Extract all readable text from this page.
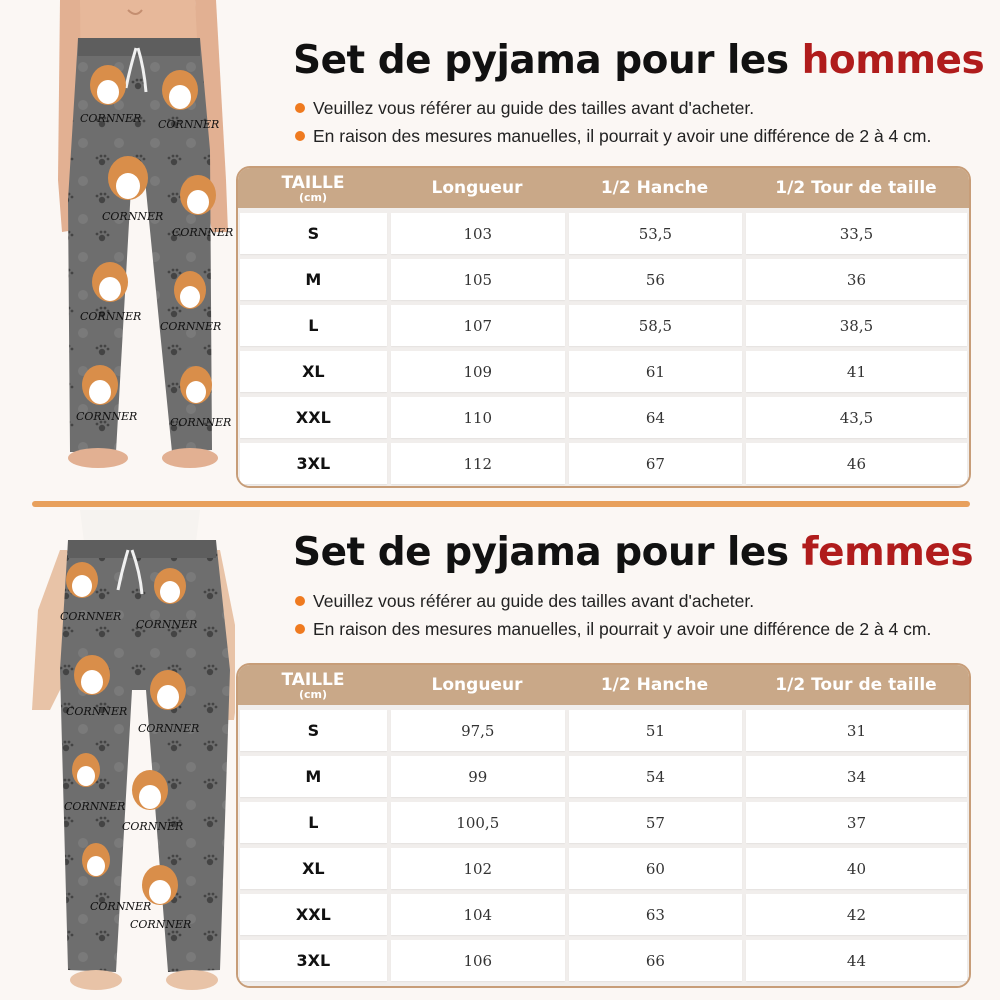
CORNNER CORNNER
CORNNER
CORNNER
CORNNER
CORNNER
CORNNER	CORNNER
Set de pyjama pour les hommes
Veuillez vous référer au guide des tailles avant d'acheter.
En raison des mesures manuelles, il pourrait y avoir une différence de 2 à 4 cm.
TAILLE
(cm)	Longueur	1/2 Hanche	1/2 Tour de taille
S	103	53,5	33,5
M	105	56	36
L	107	58,5	38,5
XL	109	61	41
XXL	110	64	43,5
3XL	112	67	46
CORNNER
CORNNER
CORNNER
CORNNER
CORNNER
CORNNER
CORNNER
CORNNER
Set de pyjama pour les femmes
Veuillez vous référer au guide des tailles avant d'acheter.
En raison des mesures manuelles, il pourrait y avoir une différence de 2 à 4 cm.
TAILLE
(cm)	Longueur	1/2 Hanche	1/2 Tour de taille
S	97,5	51	31
M	99	54	34
L	100,5	57	37
XL	102	60	40
XXL	104	63	42
3XL	106	66	44
